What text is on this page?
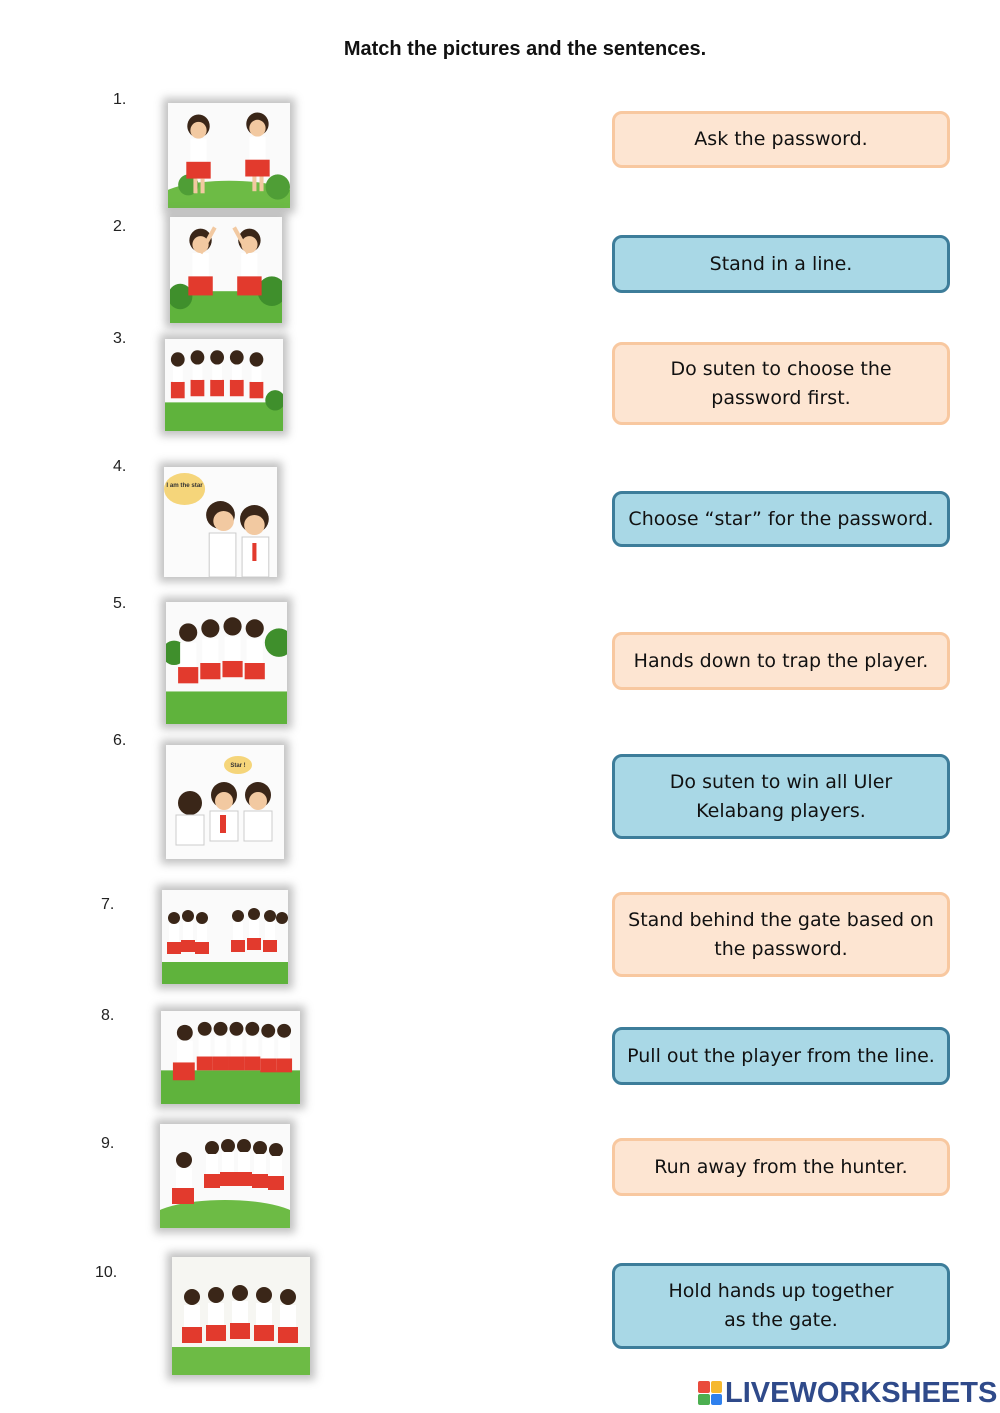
Match the pictures and the sentences.
1.
2.
3.
4.
5.
6.
7.
8.
9.
10.
I am the star
Star !
Ask the password.
Stand in a line.
Do suten to choose the
password first.
Choose “star” for the password.
Hands down to trap the player.
Do suten to win all Uler
Kelabang players.
Stand behind the gate based on
the password.
Pull out the player from the line.
Run away from the hunter.
Hold hands up together
as the gate.
LIVEWORKSHEETS
